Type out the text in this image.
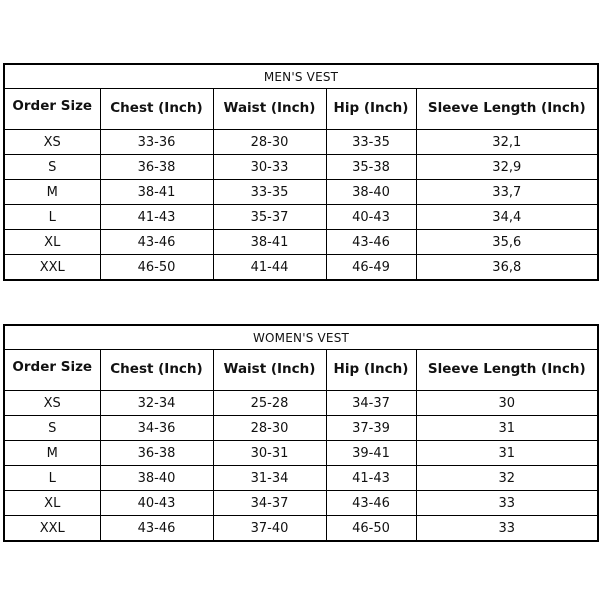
MEN'S VEST				
Order Size	Chest (Inch)	Waist (Inch)	Hip (Inch)	Sleeve Length (Inch)
XS	33-36	28-30	33-35	32,1
S	36-38	30-33	35-38	32,9
M	38-41	33-35	38-40	33,7
L	41-43	35-37	40-43	34,4
XL	43-46	38-41	43-46	35,6
XXL	46-50	41-44	46-49	36,8
WOMEN'S VEST				
Order Size	Chest (Inch)	Waist (Inch)	Hip (Inch)	Sleeve Length (Inch)
XS	32-34	25-28	34-37	30
S	34-36	28-30	37-39	31
M	36-38	30-31	39-41	31
L	38-40	31-34	41-43	32
XL	40-43	34-37	43-46	33
XXL	43-46	37-40	46-50	33
